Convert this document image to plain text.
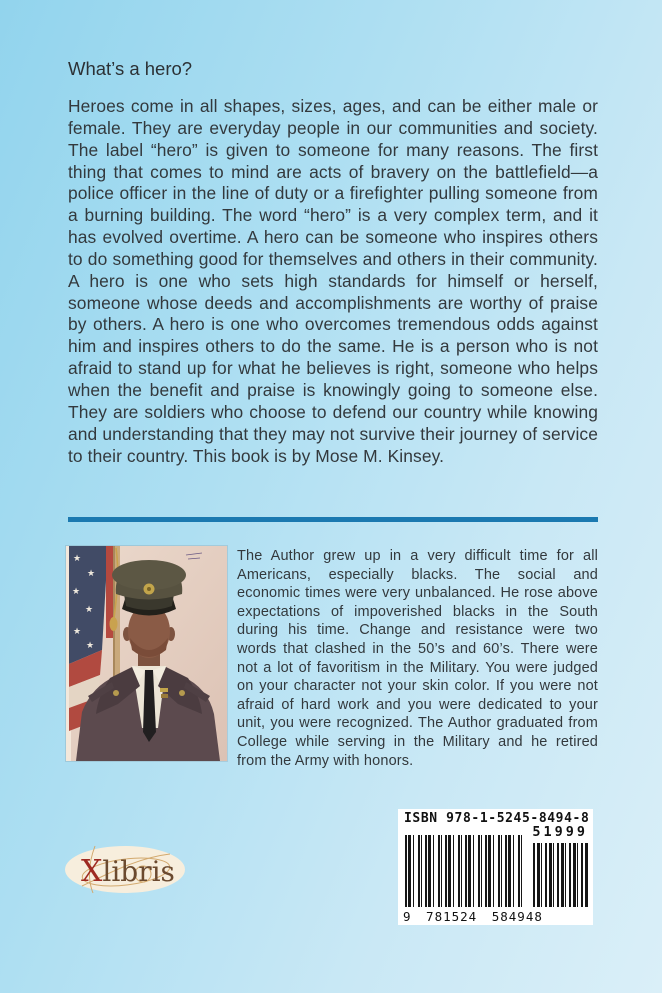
What’s a hero?
Heroes come in all shapes, sizes, ages, and can be either male or female. They are everyday people in our communities and society. The label “hero” is given to someone for many reasons. The first thing that comes to mind are acts of bravery on the battlefield—a police officer in the line of duty or a firefighter pulling someone from a burning building. The word “hero” is a very complex term, and it has evolved overtime. A hero can be someone who inspires others to do something good for themselves and others in their community. A hero is one who sets high standards for himself or herself, someone whose deeds and accomplishments are worthy of praise by others. A hero is one who overcomes tremendous odds against him and inspires others to do the same. He is a person who is not afraid to stand up for what he believes is right, someone who helps when the benefit and praise is knowingly going to someone else. They are soldiers who choose to defend our country while knowing and understanding that they may not survive their journey of service to their country. This book is by Mose M. Kinsey.
★
★
★
★
★
★
The Author grew up in a very difficult time for all Americans, especially blacks. The social and economic times were very unbalanced. He rose above expectations of impoverished blacks in the South during his time. Change and resistance were two words that clashed in the 50’s and 60’s. There were not a lot of favoritism in the Military. You were judged on your character not your skin color. If you were not afraid of hard work and you were dedicated to your unit, you were recognized. The Author graduated from College while serving in the Military and he retired from the Army with honors.
Xlibris
ISBN 978-1-5245-8494-8
51999
9 781524 584948
